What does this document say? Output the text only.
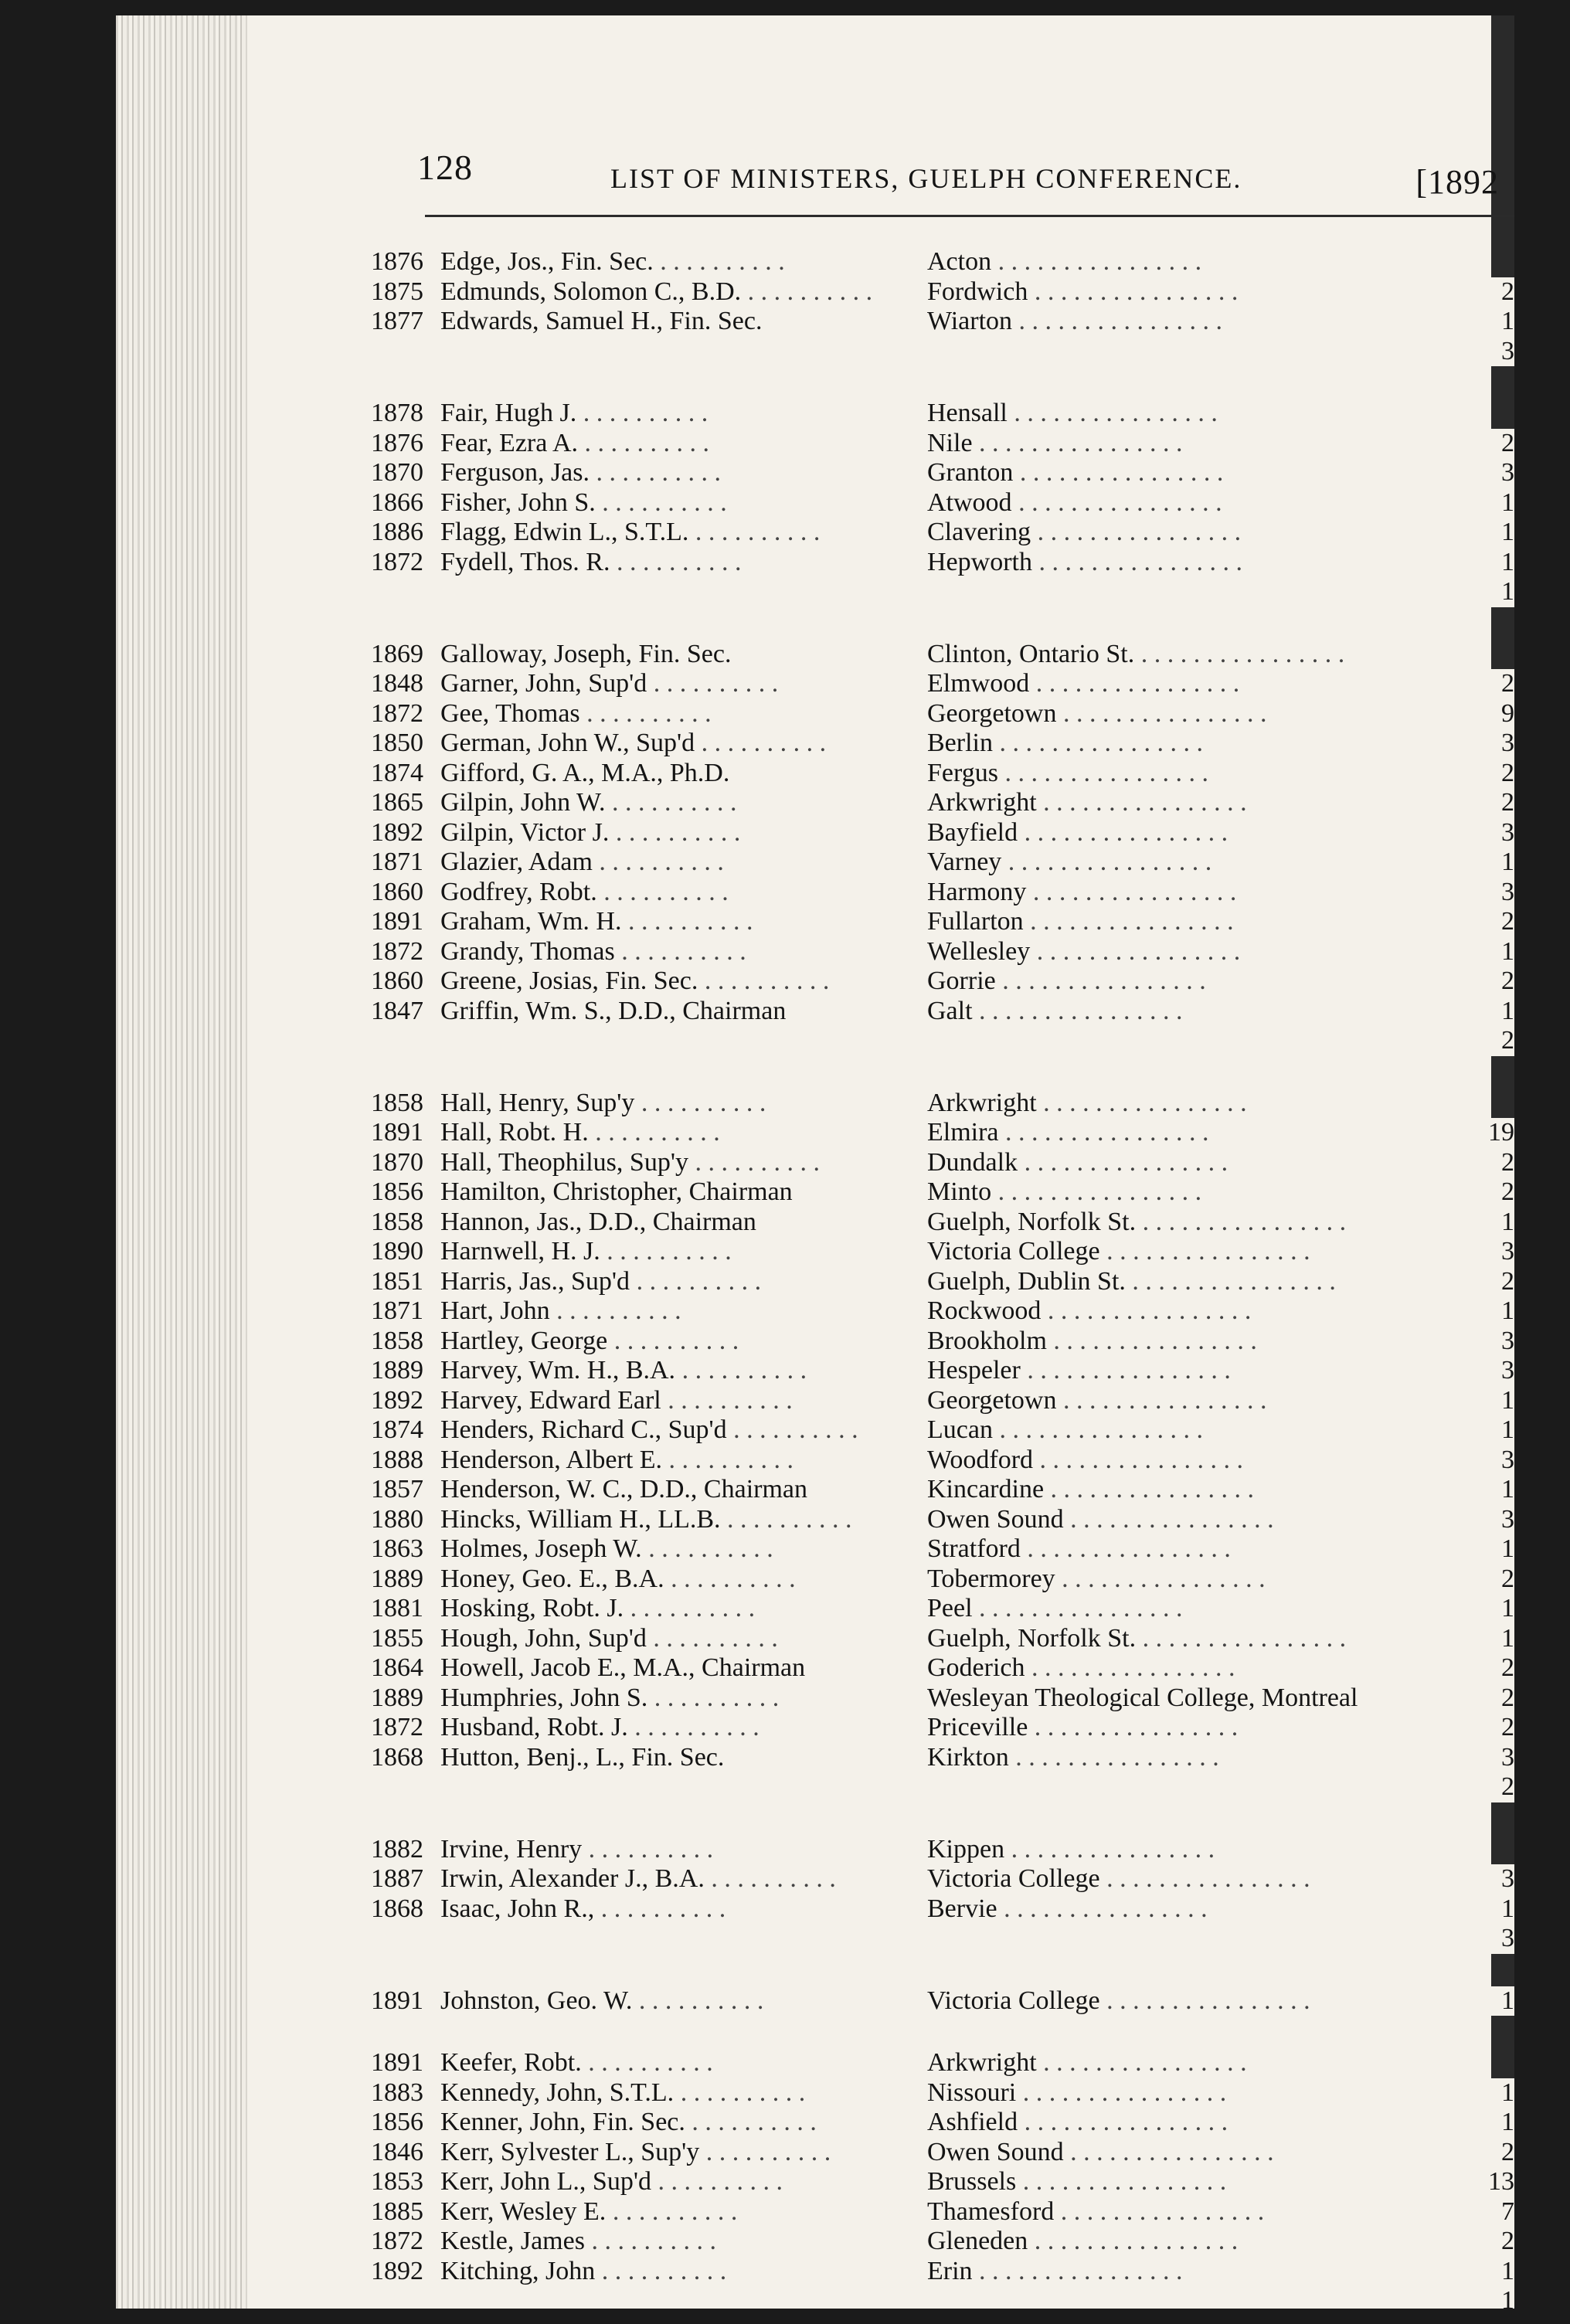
128	LIST OF MINISTERS, GUELPH CONFERENCE.	[1892
1876 Edge, Jos., Fin. Sec. . .	Acton . .
1875 Edmunds, Solomon C., B.D. . .	Fordwich . .	2
1877 Edwards, Samuel H., Fin. Sec.	Wiarton . .	1
3
1878 Fair, Hugh J. . .	Hensall . .
1876 Fear, Ezra A. . .	Nile . .	2
1870 Ferguson, Jas. . .	Granton . .	3
1866 Fisher, John S. . .	Atwood . .	1
1886 Flagg, Edwin L., S.T.L. . .	Clavering . .	1
1872 Fydell, Thos. R. . .	Hepworth . .	1
1
1869 Galloway, Joseph, Fin. Sec.	Clinton, Ontario St. . .
1848 Garner, John, Sup'd . .	Elmwood . .	2
1872 Gee, Thomas . .	Georgetown . .	9
1850 German, John W., Sup'd . .	Berlin . .	3
1874 Gifford, G. A., M.A., Ph.D.	Fergus . .	2
1865 Gilpin, John W. . .	Arkwright . .	2
1892 Gilpin, Victor J. . .	Bayfield . .	3
1871 Glazier, Adam . .	Varney . .	1
1860 Godfrey, Robt. . .	Harmony . .	3
1891 Graham, Wm. H. . .	Fullarton . .	2
1872 Grandy, Thomas . .	Wellesley . .	1
1860 Greene, Josias, Fin. Sec. . .	Gorrie . .	2
1847 Griffin, Wm. S., D.D., Chairman	Galt . .	1
2
1858 Hall, Henry, Sup'y . .	Arkwright . .
1891 Hall, Robt. H. . .	Elmira . .	19
1870 Hall, Theophilus, Sup'y . .	Dundalk . .	2
1856 Hamilton, Christopher, Chairman	Minto . .	2
1858 Hannon, Jas., D.D., Chairman	Guelph, Norfolk St. . .	1
1890 Harnwell, H. J. . .	Victoria College . .	3
1851 Harris, Jas., Sup'd . .	Guelph, Dublin St. . .	2
1871 Hart, John . .	Rockwood . .	1
1858 Hartley, George . .	Brookholm . .	3
1889 Harvey, Wm. H., B.A. . .	Hespeler . .	3
1892 Harvey, Edward Earl . .	Georgetown . .	1
1874 Henders, Richard C., Sup'd . .	Lucan . .	1
1888 Henderson, Albert E. . .	Woodford . .	3
1857 Henderson, W. C., D.D., Chairman	Kincardine . .	1
1880 Hincks, William H., LL.B. . .	Owen Sound . .	3
1863 Holmes, Joseph W. . .	Stratford . .	1
1889 Honey, Geo. E., B.A. . .	Tobermorey . .	2
1881 Hosking, Robt. J. . .	Peel . .	1
1855 Hough, John, Sup'd . .	Guelph, Norfolk St. . .	1
1864 Howell, Jacob E., M.A., Chairman	Goderich . .	2
1889 Humphries, John S. . .	Wesleyan Theological College, Montreal	2
1872 Husband, Robt. J. . .	Priceville . .	2
1868 Hutton, Benj., L., Fin. Sec.	Kirkton . .	3
2
1882 Irvine, Henry . .	Kippen . .
1887 Irwin, Alexander J., B.A. . .	Victoria College . .	3
1868 Isaac, John R., . .	Bervie . .	1
3
1891 Johnston, Geo. W. . .	Victoria College . .	1
1891 Keefer, Robt. . .	Arkwright . .
1883 Kennedy, John, S.T.L. . .	Nissouri . .	1
1856 Kenner, John, Fin. Sec. . .	Ashfield . .	1
1846 Kerr, Sylvester L., Sup'y . .	Owen Sound . .	2
1853 Kerr, John L., Sup'd . .	Brussels . .	13
1885 Kerr, Wesley E. . .	Thamesford . .	7
1872 Kestle, James . .	Gleneden . .	2
1892 Kitching, John . .	Erin . .	1
1
